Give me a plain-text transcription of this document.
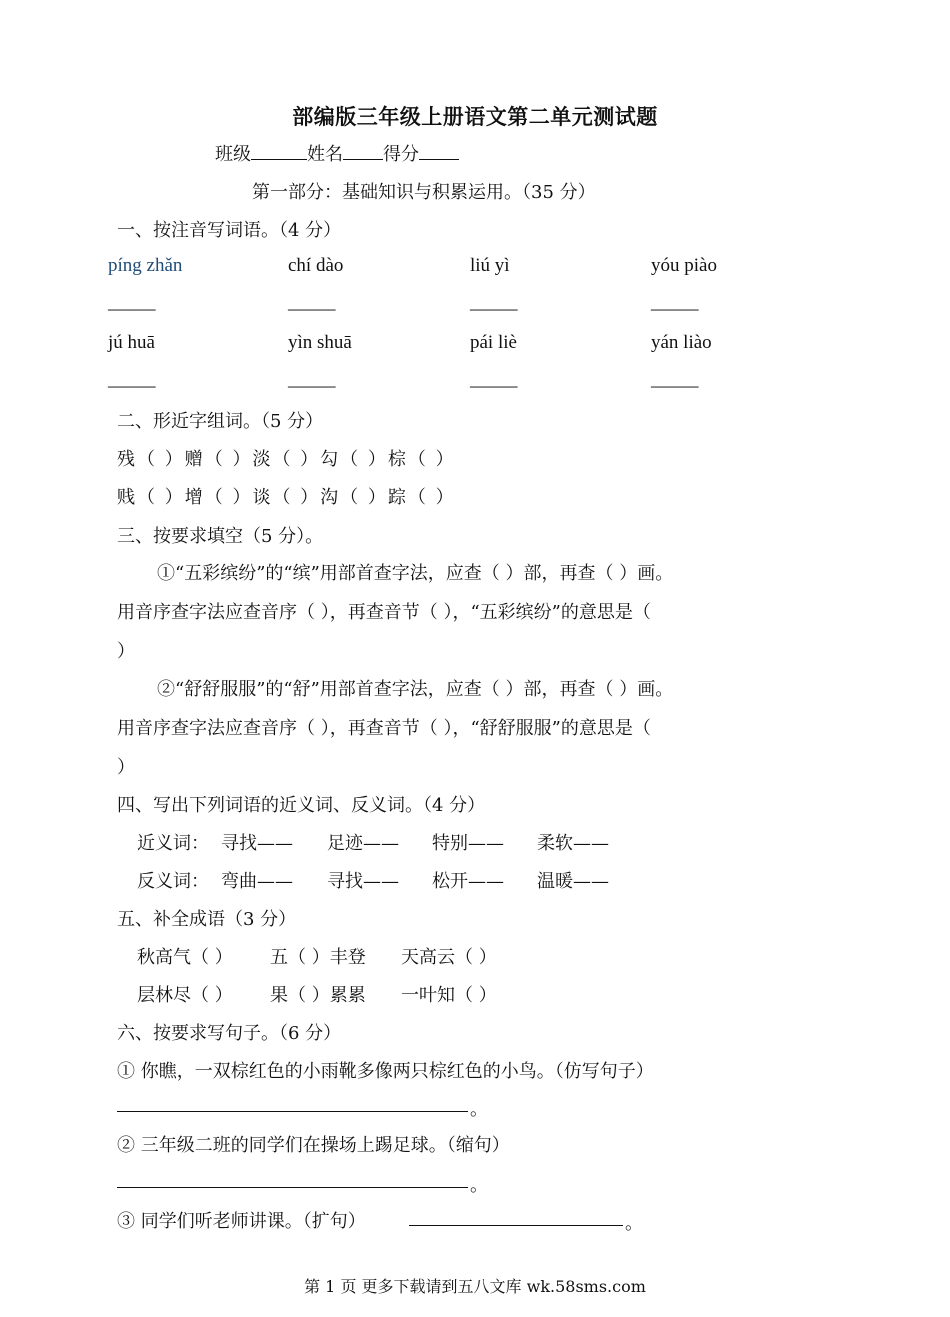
部编版三年级上册语文第二单元测试题
班级	姓名 得分
第一部分：基础知识与积累运用。（35 分）
一、按注音写词语。（4 分）
píng zhǎn	chí dào	liú yì	yóu piào
_____	_____	_____	_____
jú huā	yìn shuā	pái liè	yán liào
_____	_____	_____	_____
二、形近字组词。（5 分）
残（ ）赠（ ）淡（ ）勾（ ）棕（ ）
贱（ ）增（ ）谈（ ）沟（ ）踪（ ）
三、按要求填空（5 分）。
①“五彩缤纷”的“缤”用部首查字法，应查（ ）部，再查（ ）画。
用音序查字法应查音序（ ），再查音节（ ），“五彩缤纷”的意思是（
）
②“舒舒服服”的“舒”用部首查字法，应查（ ）部，再查（ ）画。
用音序查字法应查音序（ ），再查音节（ ），“舒舒服服”的意思是（
）
四、写出下列词语的近义词、反义词。（4 分）
近义词： 寻找—— 足迹—— 特别—— 柔软——
反义词： 弯曲—— 寻找—— 松开—— 温暖——
五、补全成语（3 分）
秋高气（ ） 五（ ）丰登 天高云（ ）
层林尽（ ） 果（ ）累累 一叶知（ ）
六、按要求写句子。（6 分）
① 你瞧，一双棕红色的小雨靴多像两只棕红色的小鸟。（仿写句子）
。
② 三年级二班的同学们在操场上踢足球。（缩句）
。
③ 同学们听老师讲课。（扩句）	。
第 1 页 更多下载请到五八文库 wk.58sms.com
